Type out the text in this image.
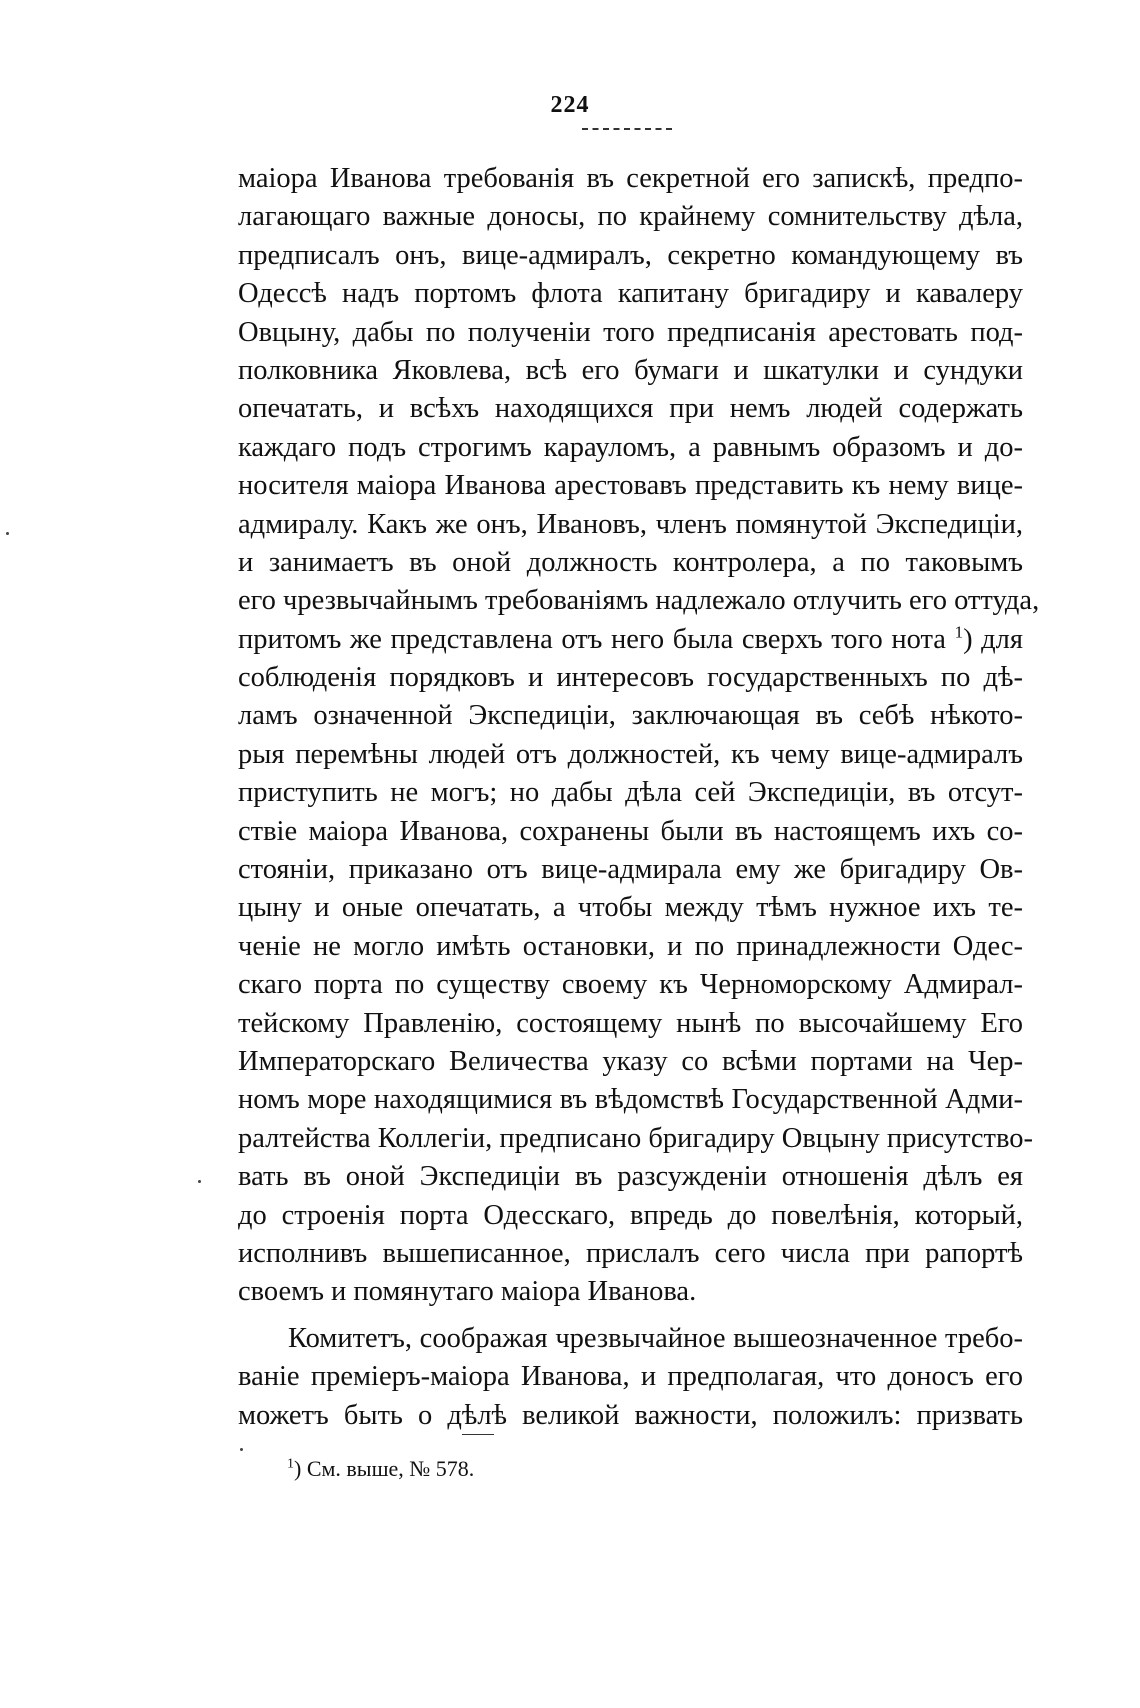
224
маiора Иванова требованiя въ секретной его запискѣ, предпо-
лагающаго важные доносы, по крайнему сомнительству дѣла,
предписалъ онъ, вице-адмиралъ, секретно командующему въ
Одессѣ надъ портомъ флота капитану бригадиру и кавалеру
Овцыну, дабы по полученiи того предписанiя арестовать под-
полковника Яковлева, всѣ его бумаги и шкатулки и сундуки
опечатать, и всѣхъ находящихся при немъ людей содержать
каждаго подъ строгимъ карауломъ, а равнымъ образомъ и до-
носителя маiора Иванова арестовавъ представить къ нему вице-
адмиралу. Какъ же онъ, Ивановъ, членъ помянутой Экспедицiи,
и занимаетъ въ оной должность контролера, а по таковымъ
его чрезвычайнымъ требованiямъ надлежало отлучить его оттуда,
притомъ же представлена отъ него была сверхъ того нота $^1$) для
соблюденiя порядковъ и интересовъ государственныхъ по дѣ-
ламъ означенной Экспедицiи, заключающая въ себѣ нѣкото-
рыя перемѣны людей отъ должностей, къ чему вице-адмиралъ
приступить не могъ; но дабы дѣла сей Экспедицiи, въ отсут-
ствiе маiора Иванова, сохранены были въ настоящемъ ихъ со-
стоянiи, приказано отъ вице-адмирала ему же бригадиру Ов-
цыну и оные опечатать, а чтобы между тѣмъ нужное ихъ те-
ченiе не могло имѣть остановки, и по принадлежности Одес-
скаго порта по существу своему къ Черноморскому Адмирал-
тейскому Правленiю, состоящему нынѣ по высочайшему Его
Императорскаго Величества указу со всѣми портами на Чер-
номъ море находящимися въ вѣдомствѣ Государственной Адми-
ралтейства Коллегiи, предписано бригадиру Овцыну присутство-
вать въ оной Экспедицiи въ разсужденiи отношенiя дѣлъ ея
до строенiя порта Одесскаго, впредь до повелѣнiя, который,
исполнивъ вышеписанное, прислалъ сего числа при рапортѣ
своемъ и помянутаго маiора Иванова.
Комитетъ, соображая чрезвычайное вышеозначенное требо-
ванiе премiеръ-маiора Иванова, и предполагая, что доносъ его
можетъ быть о дѣлѣ великой важности, положилъ: призвать
$^1$) См. выше, № 578.
